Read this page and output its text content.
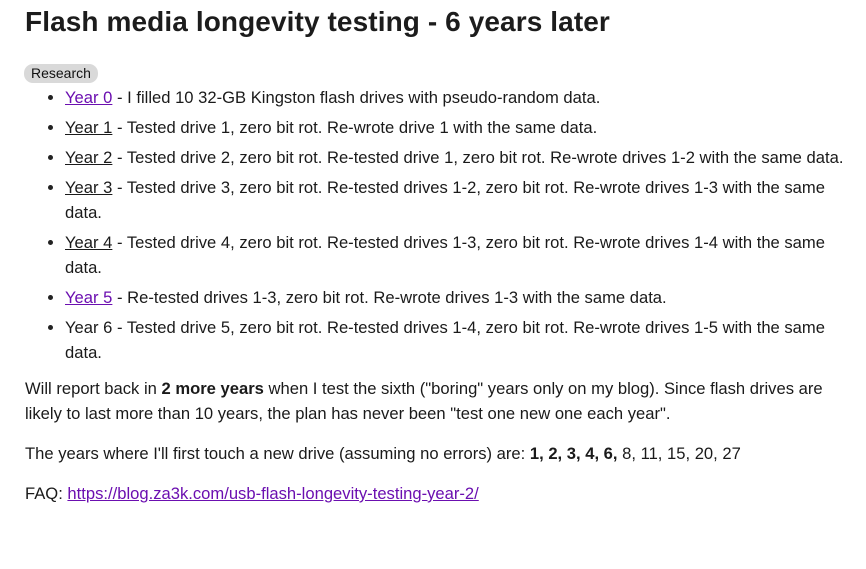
Flash media longevity testing - 6 years later
Research
• Year 0 - I filled 10 32-GB Kingston flash drives with pseudo-random data.
• Year 1 - Tested drive 1, zero bit rot. Re-wrote drive 1 with the same data.
• Year 2 - Tested drive 2, zero bit rot. Re-tested drive 1, zero bit rot. Re-wrote drives 1-2 with the same data.
• Year 3 - Tested drive 3, zero bit rot. Re-tested drives 1-2, zero bit rot. Re-wrote drives 1-3 with the same data.
• Year 4 - Tested drive 4, zero bit rot. Re-tested drives 1-3, zero bit rot. Re-wrote drives 1-4 with the same data.
• Year 5 - Re-tested drives 1-3, zero bit rot. Re-wrote drives 1-3 with the same data.
• Year 6 - Tested drive 5, zero bit rot. Re-tested drives 1-4, zero bit rot. Re-wrote drives 1-5 with the same data.

Will report back in 2 more years when I test the sixth ("boring" years only on my blog). Since flash drives are likely to last more than 10 years, the plan has never been "test one new one each year".

The years where I'll first touch a new drive (assuming no errors) are: 1, 2, 3, 4, 6, 8, 11, 15, 20, 27

FAQ: https://blog.za3k.com/usb-flash-longevity-testing-year-2/
